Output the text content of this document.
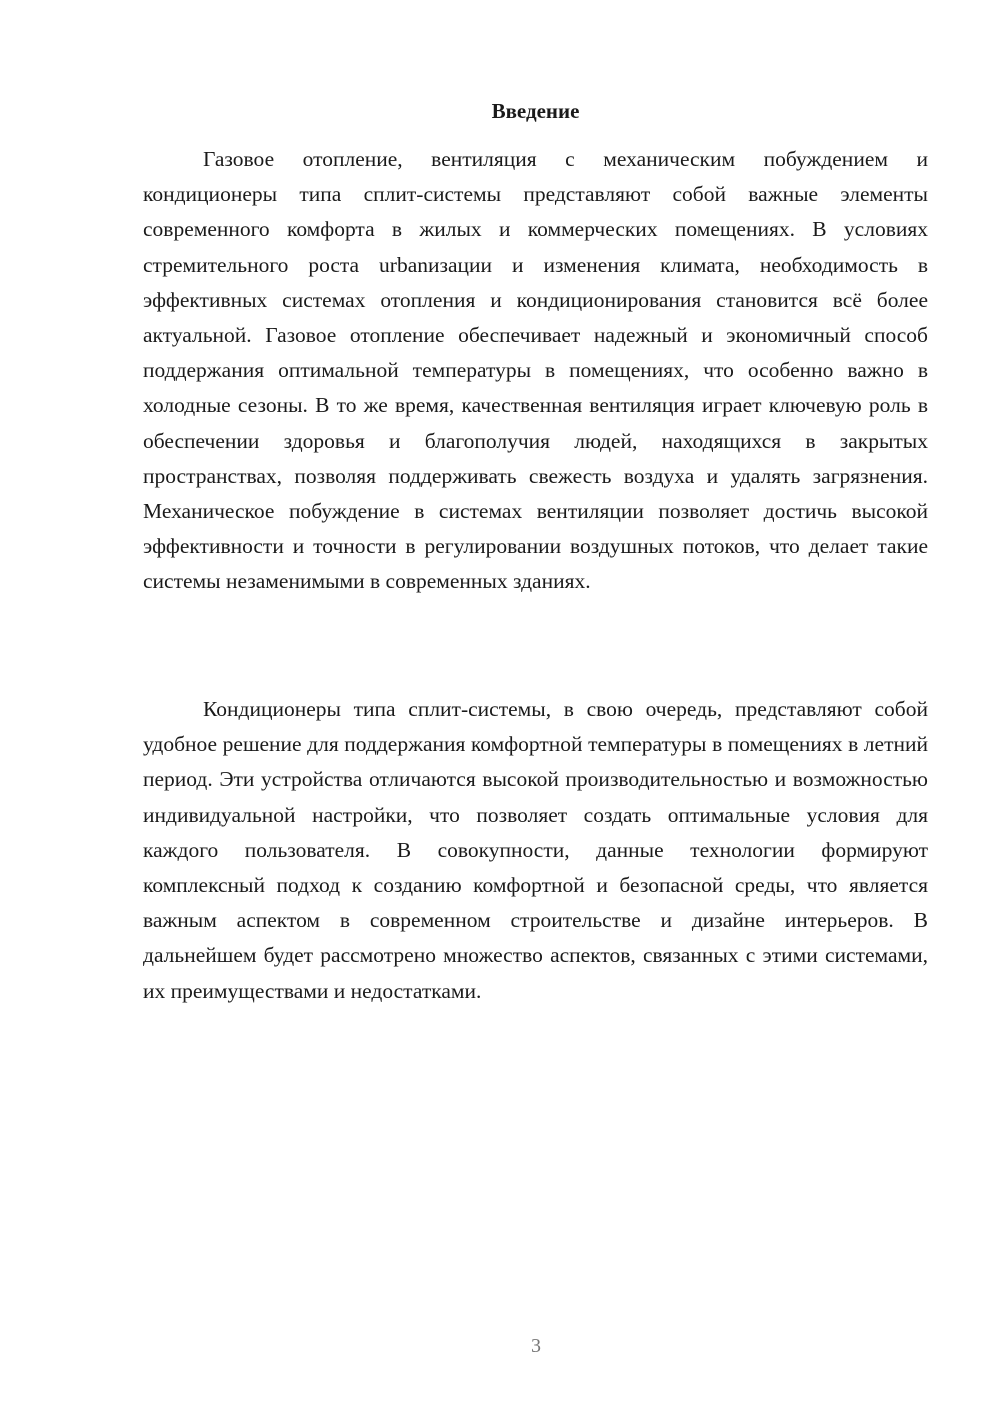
Введение

Газовое отопление, вентиляция с механическим побуждением и кондиционеры типа сплит-системы представляют собой важные элементы современного комфорта в жилых и коммерческих помещениях. В условиях стремительного роста urbanизации и изменения климата, необходимость в эффективных системах отопления и кондиционирования становится всё более актуальной. Газовое отопление обеспечивает надежный и экономичный способ поддержания оптимальной температуры в помещениях, что особенно важно в холодные сезоны. В то же время, качественная вентиляция играет ключевую роль в обеспечении здоровья и благополучия людей, находящихся в закрытых пространствах, позволяя поддерживать свежесть воздуха и удалять загрязнения. Механическое побуждение в системах вентиляции позволяет достичь высокой эффективности и точности в регулировании воздушных потоков, что делает такие системы незаменимыми в современных зданиях.

Кондиционеры типа сплит-системы, в свою очередь, представляют собой удобное решение для поддержания комфортной температуры в помещениях в летний период. Эти устройства отличаются высокой производительностью и возможностью индивидуальной настройки, что позволяет создать оптимальные условия для каждого пользователя. В совокупности, данные технологии формируют комплексный подход к созданию комфортной и безопасной среды, что является важным аспектом в современном строительстве и дизайне интерьеров. В дальнейшем будет рассмотрено множество аспектов, связанных с этими системами, их преимуществами и недостатками.

3
